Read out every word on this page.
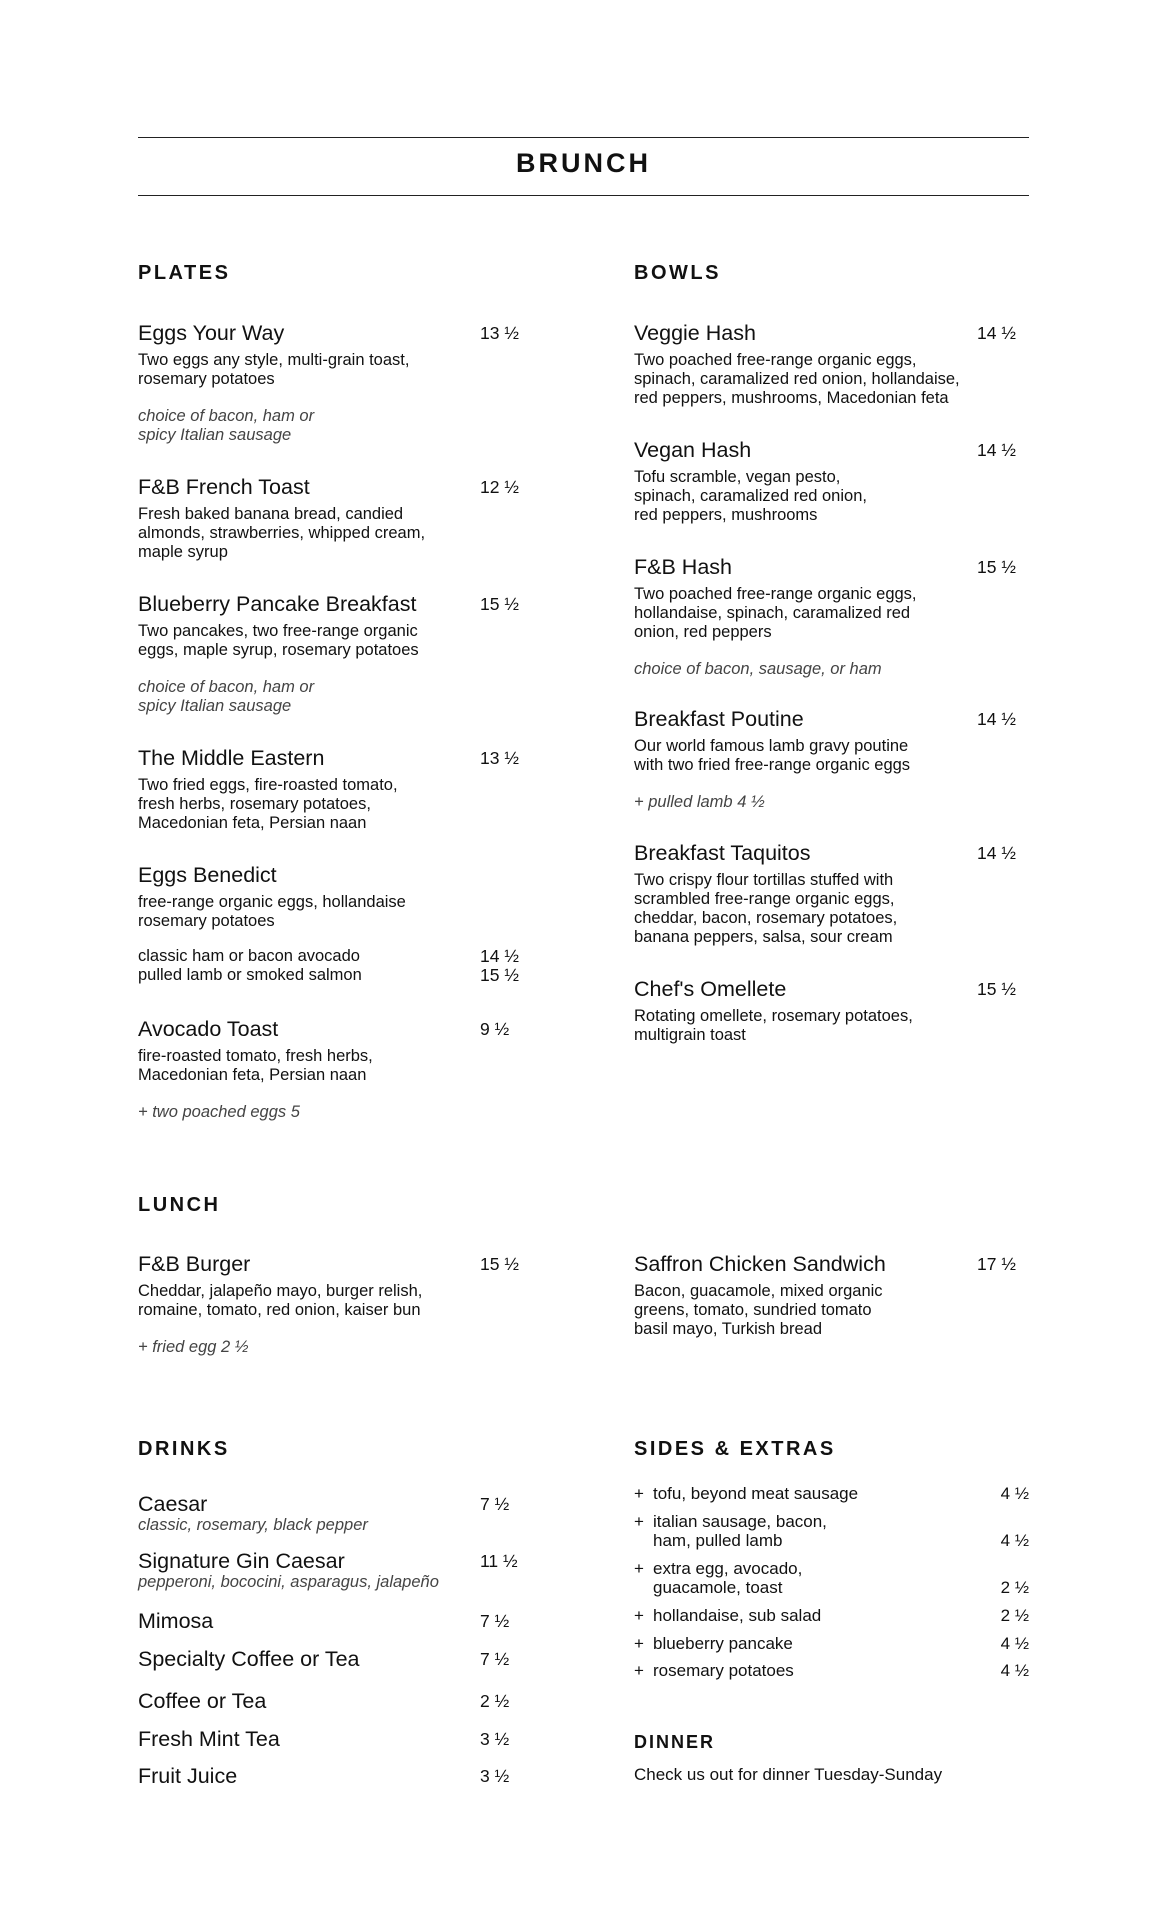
BRUNCH
PLATES
Eggs Your Way	13 ½
Two eggs any style, multi-grain toast,
rosemary potatoes
choice of bacon, ham or
spicy Italian sausage
F&B French Toast	12 ½
Fresh baked banana bread, candied
almonds, strawberries, whipped cream,
maple syrup
Blueberry Pancake Breakfast	15 ½
Two pancakes, two free-range organic
eggs, maple syrup, rosemary potatoes
choice of bacon, ham or
spicy Italian sausage
The Middle Eastern	13 ½
Two fried eggs, fire-roasted tomato,
fresh herbs, rosemary potatoes,
Macedonian feta, Persian naan
Eggs Benedict
free-range organic eggs, hollandaise
rosemary potatoes
classic ham or bacon avocado	14 ½
pulled lamb or smoked salmon	15 ½
Avocado Toast	9 ½
fire-roasted tomato, fresh herbs,
Macedonian feta, Persian naan
+ two poached eggs 5
BOWLS
Veggie Hash	14 ½
Two poached free-range organic eggs,
spinach, caramalized red onion, hollandaise,
red peppers, mushrooms, Macedonian feta
Vegan Hash	14 ½
Tofu scramble, vegan pesto,
spinach, caramalized red onion,
red peppers, mushrooms
F&B Hash	15 ½
Two poached free-range organic eggs,
hollandaise, spinach, caramalized red
onion, red peppers
choice of bacon, sausage, or ham
Breakfast Poutine	14 ½
Our world famous lamb gravy poutine
with two fried free-range organic eggs
+ pulled lamb 4 ½
Breakfast Taquitos	14 ½
Two crispy flour tortillas stuffed with
scrambled free-range organic eggs,
cheddar, bacon, rosemary potatoes,
banana peppers, salsa, sour cream
Chef's Omellete	15 ½
Rotating omellete, rosemary potatoes,
multigrain toast
LUNCH
F&B Burger	15 ½
Cheddar, jalapeño mayo, burger relish,
romaine, tomato, red onion, kaiser bun
+ fried egg 2 ½
Saffron Chicken Sandwich	17 ½
Bacon, guacamole, mixed organic
greens, tomato, sundried tomato
basil mayo, Turkish bread
DRINKS
Caesar
classic, rosemary, black pepper
7 ½
Signature Gin Caesar
pepperoni, bococini, asparagus, jalapeño
11 ½
Mimosa	7 ½
Specialty Coffee or Tea	7 ½
Coffee or Tea	2 ½
Fresh Mint Tea	3 ½
Fruit Juice	3 ½
SIDES & EXTRAS
+ tofu, beyond meat sausage	4 ½
+ italian sausage, bacon,
ham, pulled lamb	4 ½
+ extra egg, avocado,
guacamole, toast	2 ½
+ hollandaise, sub salad	2 ½
+ blueberry pancake	4 ½
+ rosemary potatoes	4 ½
DINNER
Check us out for dinner Tuesday-Sunday
